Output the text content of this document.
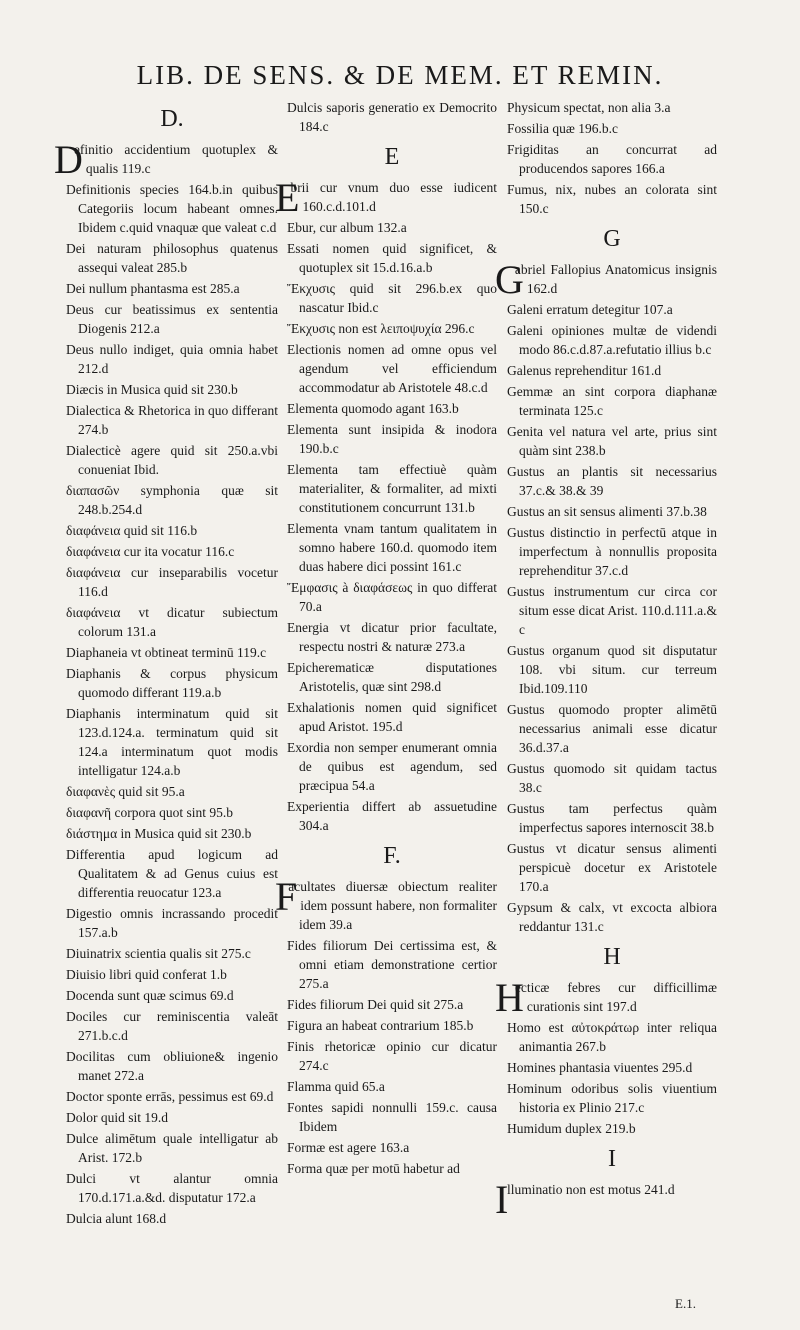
LIB. DE SENS. & DE MEM. ET REMIN.
D.
Definitio accidentium quotuplex & qualis 119.c
Definitionis species 164.b.in quibus Categoriis locum habeant omnes. Ibidem c.quid vnaquæ que valeat c.d
Dei naturam philosophus quatenus assequi valeat 285.b
Dei nullum phantasma est 285.a
Deus cur beatissimus ex sententia Diogenis 212.a
Deus nullo indiget, quia omnia habet 212.d
Diæcis in Musica quid sit 230.b
Dialectica & Rhetorica in quo differant 274.b
Dialecticè agere quid sit 250.a.vbi conueniat Ibid.
διαπασῶν symphonia quæ sit 248.b.254.d
διαφάνεια quid sit 116.b
διαφάνεια cur ita vocatur 116.c
διαφάνεια cur inseparabilis vocetur 116.d
διαφάνεια vt dicatur subiectum colorum 131.a
Diaphaneia vt obtineat terminū 119.c
Diaphanis & corpus physicum quomodo differant 119.a.b
Diaphanis interminatum quid sit 123.d.124.a. terminatum quid sit 124.a interminatum quot modis intelligatur 124.a.b
διαφανὲς quid sit 95.a
διαφανῆ corpora quot sint 95.b
διάστημα in Musica quid sit 230.b
Differentia apud logicum ad Qualitatem & ad Genus cuius est differentia reuocatur 123.a
Digestio omnis incrassando procedit 157.a.b
Diuinatrix scientia qualis sit 275.c
Diuisio libri quid conferat 1.b
Docenda sunt quæ scimus 69.d
Dociles cur reminiscentia valeāt 271.b.c.d
Docilitas cum obliuione& ingenio manet 272.a
Doctor sponte errās, pessimus est 69.d
Dolor quid sit 19.d
Dulce alimētum quale intelligatur ab Arist. 172.b
Dulci vt alantur omnia 170.d.171.a.&d. disputatur 172.a
Dulcia alunt 168.d
Dulcis saporis generatio ex Democrito 184.c
E
Ebrii cur vnum duo esse iudicent 160.c.d.101.d
Ebur, cur album 132.a
Essati nomen quid significet, & quotuplex sit 15.d.16.a.b
Ἔκχυσις quid sit 296.b.ex quo nascatur Ibid.c
Ἔκχυσις non est λειποψυχία 296.c
Electionis nomen ad omne opus vel agendum vel efficiendum accommodatur ab Aristotele 48.c.d
Elementa quomodo agant 163.b
Elementa sunt insipida & inodora 190.b.c
Elementa tam effectiuè quàm materialiter, & formaliter, ad mixti constitutionem concurrunt 131.b
Elementa vnam tantum qualitatem in somno habere 160.d. quomodo item duas habere dici possint 161.c
Ἔμφασις à διαφάσεως in quo differat 70.a
Energia vt dicatur prior facultate, respectu nostri & naturæ 273.a
Epicherematicæ disputationes Aristotelis, quæ sint 298.d
Exhalationis nomen quid significet apud Aristot. 195.d
Exordia non semper enumerant omnia de quibus est agendum, sed præcipua 54.a
Experientia differt ab assuetudine 304.a
F.
Facultates diuersæ obiectum realiter idem possunt habere, non formaliter idem 39.a
Fides filiorum Dei certissima est, & omni etiam demonstratione certior 275.a
Fides filiorum Dei quid sit 275.a
Figura an habeat contrarium 185.b
Finis rhetoricæ opinio cur dicatur 274.c
Flamma quid 65.a
Fontes sapidi nonnulli 159.c. causa Ibidem
Formæ est agere 163.a
Forma quæ per motū habetur ad
Physicum spectat, non alia 3.a
Fossilia quæ 196.b.c
Frigiditas an concurrat ad producendos sapores 166.a
Fumus, nix, nubes an colorata sint 150.c
G
Gabriel Fallopius Anatomicus insignis 162.d
Galeni erratum detegitur 107.a
Galeni opiniones multæ de videndi modo 86.c.d.87.a.refutatio illius b.c
Galenus reprehenditur 161.d
Gemmæ an sint corpora diaphanæ terminata 125.c
Genita vel natura vel arte, prius sint quàm sint 238.b
Gustus an plantis sit necessarius 37.c.& 38.& 39
Gustus an sit sensus alimenti 37.b.38
Gustus distinctio in perfectū atque in imperfectum à nonnullis proposita reprehenditur 37.c.d
Gustus instrumentum cur circa cor situm esse dicat Arist. 110.d.111.a.& c
Gustus organum quod sit disputatur 108. vbi situm. cur terreum Ibid.109.110
Gustus quomodo propter alimētū necessarius animali esse dicatur 36.d.37.a
Gustus quomodo sit quidam tactus 38.c
Gustus tam perfectus quàm imperfectus sapores internoscit 38.b
Gustus vt dicatur sensus alimenti perspicuè docetur ex Aristotele 170.a
Gypsum & calx, vt excocta albiora reddantur 131.c
H
Hecticæ febres cur difficillimæ curationis sint 197.d
Homo est αὐτοκράτωρ inter reliqua animantia 267.b
Homines phantasia viuentes 295.d
Hominum odoribus solis viuentium historia ex Plinio 217.c
Humidum duplex 219.b
I
Illuminatio non est motus 241.d
E.1.
